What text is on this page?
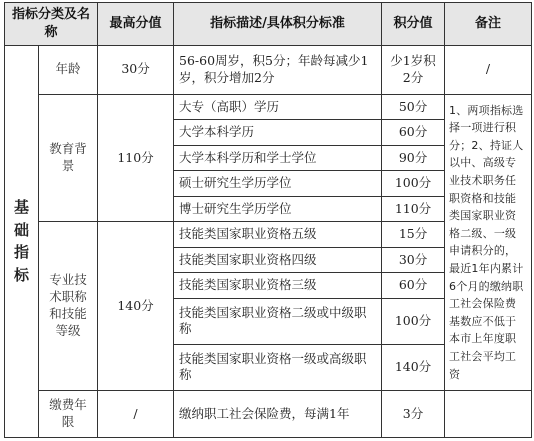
指标分类及名称		最高分值	指标描述/具体积分标准	积分值	备注

基础指标	年龄	30分	56-60周岁，积5分；年龄每减少1岁，积分增加2分	少1岁积2分	/
	教育背景	110分	大专（高职）学历	50分	1、两项指标选择一项进行积分；2、持证人以中、高级专业技术职务任职资格和技能类国家职业资格二级、一级申请积分的，最近1年内累计6个月的缴纳职工社会保险费基数应不低于本市上年度职工社会平均工资
			大学本科学历	60分	
			大学本科学历和学士学位	90分	
			硕士研究生学历学位	100分	
			博士研究生学历学位	110分	
	专业技术职称和技能等级	140分	技能类国家职业资格五级	15分	
			技能类国家职业资格四级	30分	
			技能类国家职业资格三级	60分	
			技能类国家职业资格二级或中级职称	100分	
			技能类国家职业资格一级或高级职称	140分	
	缴费年限	/	缴纳职工社会保险费，每满1年	3分	
